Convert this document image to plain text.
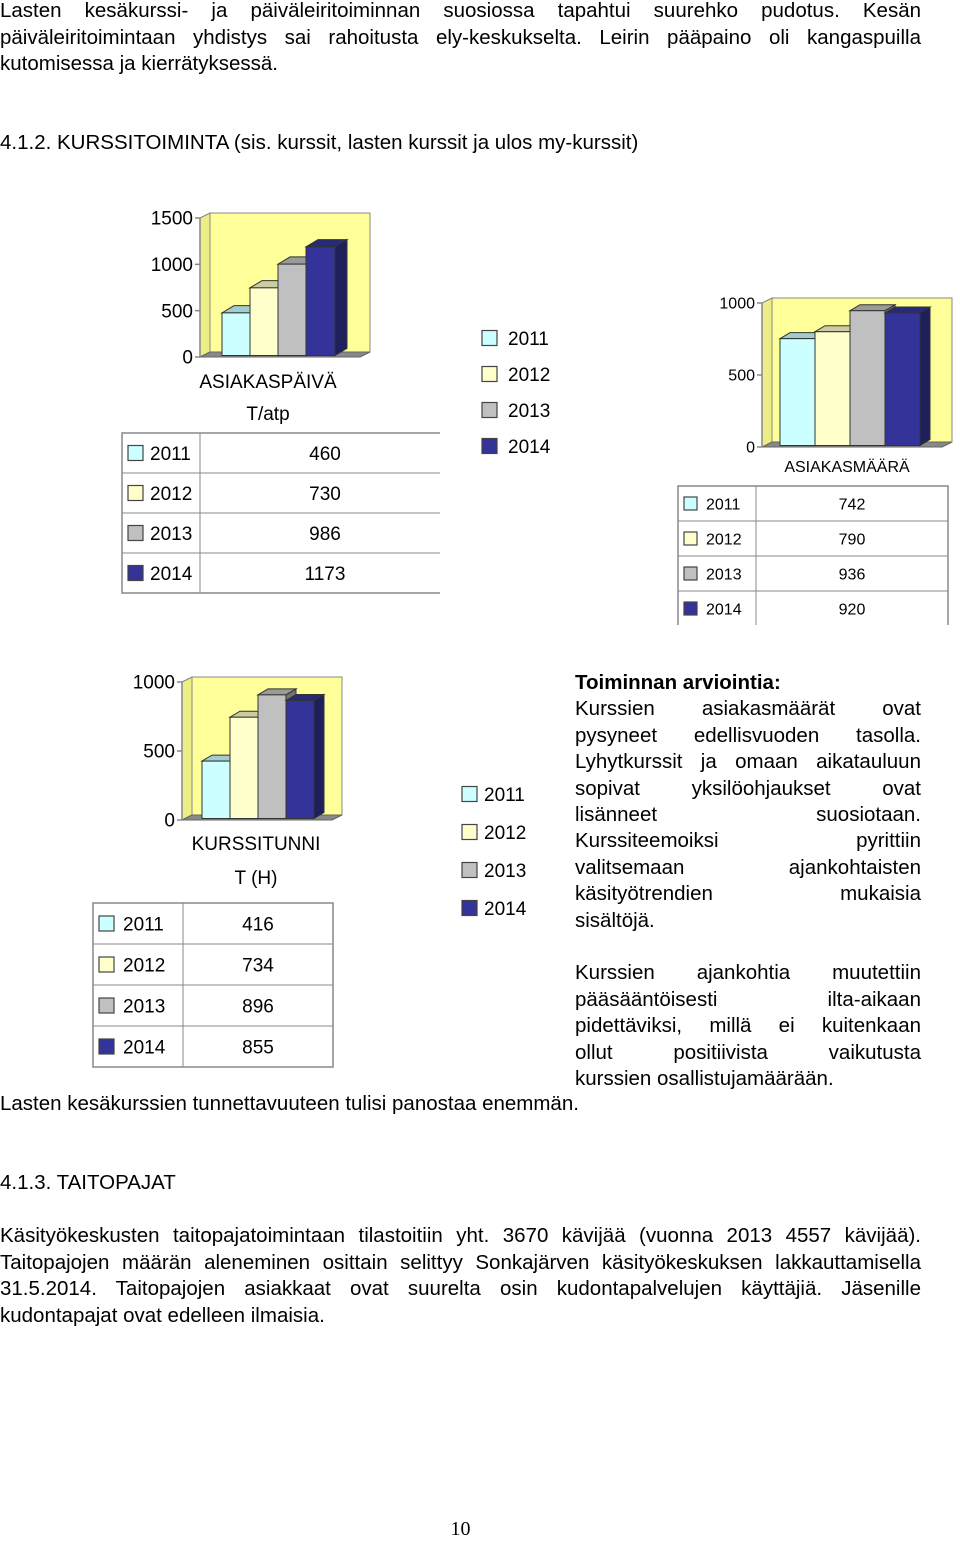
Lasten kesäkurssi- ja päiväleiritoiminnan suosiossa tapahtui suurehko pudotus. Kesän päiväleiritoimintaan yhdistys sai rahoitusta ely-keskukselta. Leirin pääpaino oli kangaspuilla kutomisessa ja kierrätyksessä.

4.1.2. KURSSITOIMINTA (sis. kurssit, lasten kurssit ja ulos my-kurssit)

1500
1000
500
0
ASIAKASPÄIVÄ
T/atp
2011	460
2012	730
2013	986
2014	1173
2011
2012
2013
2014
1000
500
0
ASIAKASMÄÄRÄ
2011	742
2012	790
2013	936
2014	920
1000
500
0
KURSSITUNNI
T (H)
2011	416
2012	734
2013	896
2014	855
2011
2012
2013
2014

Toiminnan arviointia:

Kurssien asiakasmäärät ovat

pysyneet edellisvuoden tasolla.

Lyhytkurssit ja omaan aikatauluun

sopivat yksilöohjaukset ovat

lisänneet suosiotaan.

Kurssiteemoiksi pyrittiin

valitsemaan ajankohtaisten

käsityötrendien mukaisia

sisältöjä.

Kurssien ajankohtia muutettiin

pääsääntöisesti ilta-aikaan

pidettäviksi, millä ei kuitenkaan

ollut positiivista vaikutusta

kurssien osallistujamäärään.

Lasten kesäkurssien tunnettavuuteen tulisi panostaa enemmän.

4.1.3. TAITOPAJAT

Käsityökeskusten taitopajatoimintaan tilastoitiin yht. 3670 kävijää (vuonna 2013 4557 kävijää). Taitopajojen määrän aleneminen osittain selittyy Sonkajärven käsityökeskuksen lakkauttamisella 31.5.2014. Taitopajojen asiakkaat ovat suurelta osin kudontapalvelujen käyttäjiä. Jäsenille kudontapajat ovat edelleen ilmaisia.

10
